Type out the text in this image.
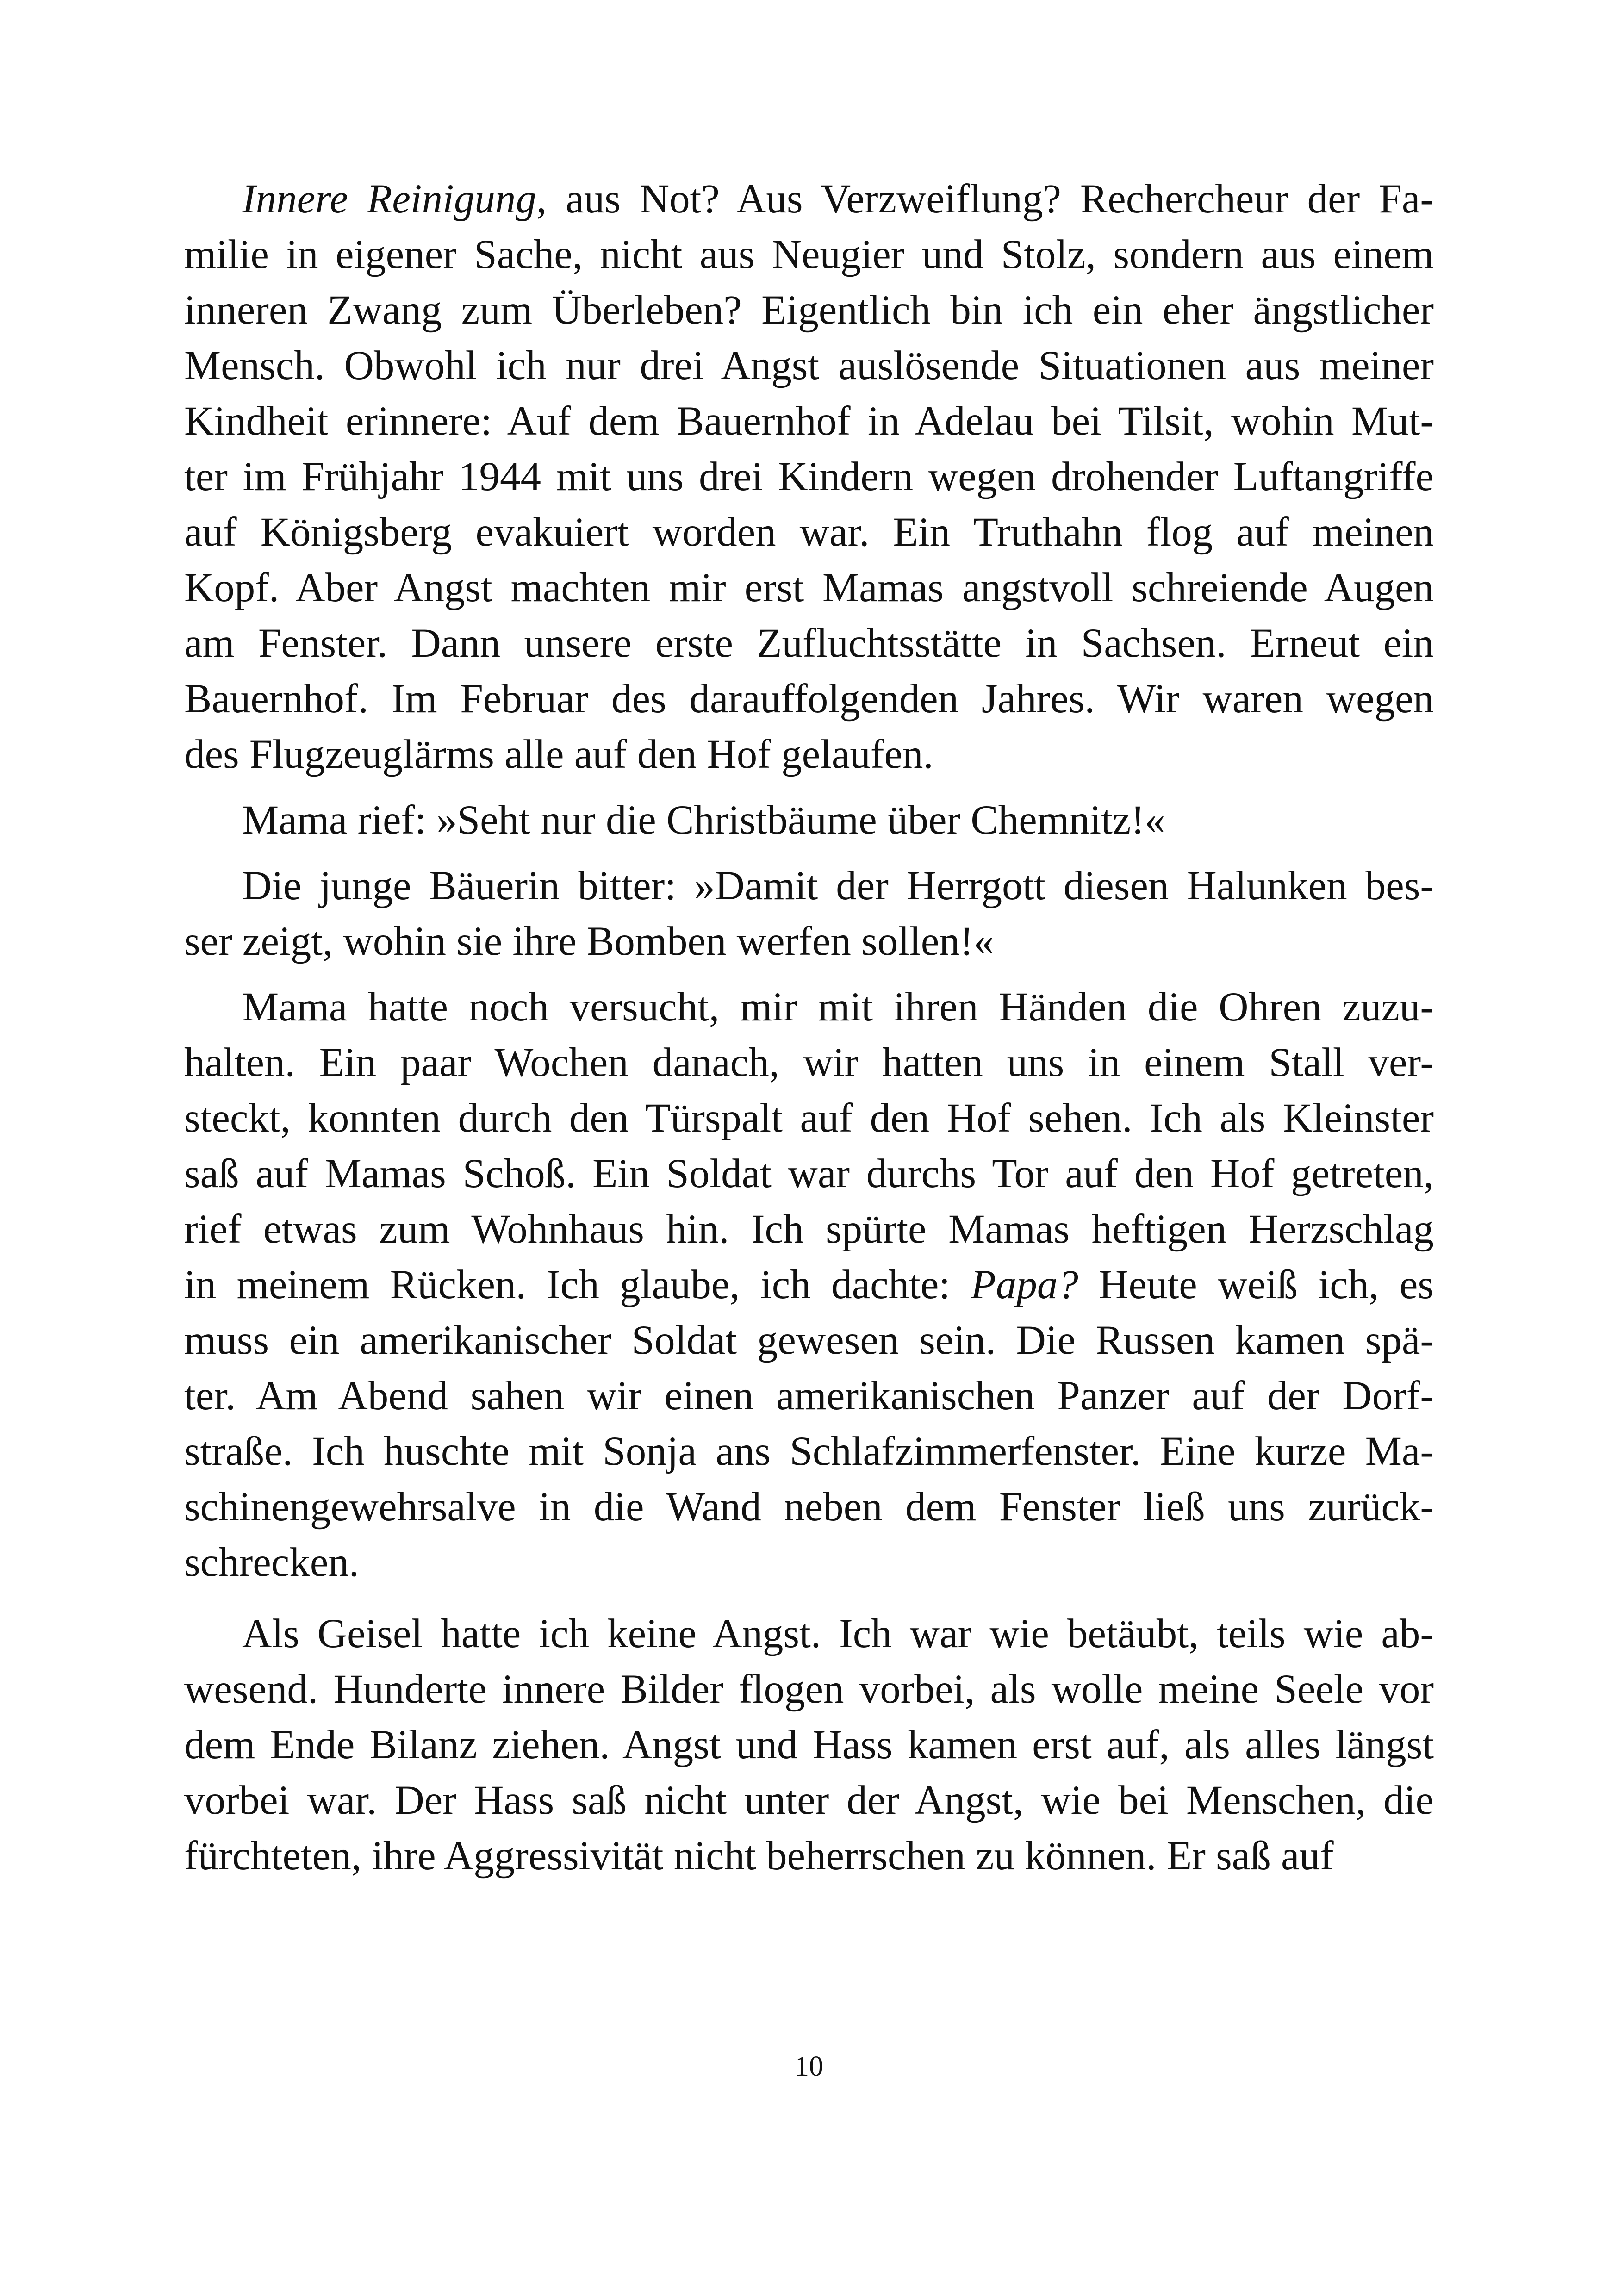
Innere Reinigung, aus Not? Aus Verzweiflung? Rechercheur der Fa-
milie in eigener Sache, nicht aus Neugier und Stolz, sondern aus einem
inneren Zwang zum Überleben? Eigentlich bin ich ein eher ängstlicher
Mensch. Obwohl ich nur drei Angst auslösende Situationen aus meiner
Kindheit erinnere: Auf dem Bauernhof in Adelau bei Tilsit, wohin Mut-
ter im Frühjahr 1944 mit uns drei Kindern wegen drohender Luftangriffe
auf Königsberg evakuiert worden war. Ein Truthahn flog auf meinen
Kopf. Aber Angst machten mir erst Mamas angstvoll schreiende Augen
am Fenster. Dann unsere erste Zufluchtsstätte in Sachsen. Erneut ein
Bauernhof. Im Februar des darauffolgenden Jahres. Wir waren wegen
des Flugzeuglärms alle auf den Hof gelaufen.

Mama rief: »Seht nur die Christbäume über Chemnitz!«

Die junge Bäuerin bitter: »Damit der Herrgott diesen Halunken bes-
ser zeigt, wohin sie ihre Bomben werfen sollen!«

Mama hatte noch versucht, mir mit ihren Händen die Ohren zuzu-
halten. Ein paar Wochen danach, wir hatten uns in einem Stall ver-
steckt, konnten durch den Türspalt auf den Hof sehen. Ich als Kleinster
saß auf Mamas Schoß. Ein Soldat war durchs Tor auf den Hof getreten,
rief etwas zum Wohnhaus hin. Ich spürte Mamas heftigen Herzschlag
in meinem Rücken. Ich glaube, ich dachte: Papa? Heute weiß ich, es
muss ein amerikanischer Soldat gewesen sein. Die Russen kamen spä-
ter. Am Abend sahen wir einen amerikanischen Panzer auf der Dorf-
straße. Ich huschte mit Sonja ans Schlafzimmerfenster. Eine kurze Ma-
schinengewehrsalve in die Wand neben dem Fenster ließ uns zurück-
schrecken.

Als Geisel hatte ich keine Angst. Ich war wie betäubt, teils wie ab-
wesend. Hunderte innere Bilder flogen vorbei, als wolle meine Seele vor
dem Ende Bilanz ziehen. Angst und Hass kamen erst auf, als alles längst
vorbei war. Der Hass saß nicht unter der Angst, wie bei Menschen, die
fürchteten, ihre Aggressivität nicht beherrschen zu können. Er saß auf

10
